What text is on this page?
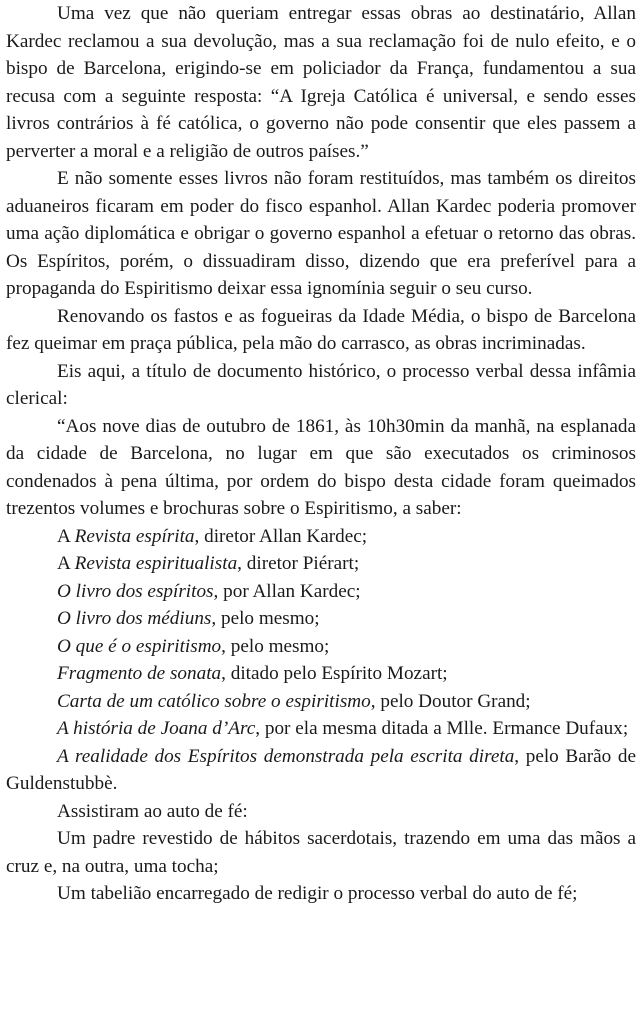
Uma vez que não queriam entregar essas obras ao destinatário, Allan Kardec reclamou a sua devolução, mas a sua reclamação foi de nulo efeito, e o bispo de Barcelona, erigindo-se em policiador da França, fundamentou a sua recusa com a seguinte resposta: “A Igreja Católica é universal, e sendo esses livros contrários à fé católica, o governo não pode consentir que eles passem a perverter a moral e a religião de outros países.”

E não somente esses livros não foram restituídos, mas também os direitos aduaneiros ficaram em poder do fisco espanhol. Allan Kardec poderia promover uma ação diplomática e obrigar o governo espanhol a efetuar o retorno das obras. Os Espíritos, porém, o dissuadiram disso, dizendo que era preferível para a propaganda do Espiritismo deixar essa ignomínia seguir o seu curso.

Renovando os fastos e as fogueiras da Idade Média, o bispo de Barcelona fez queimar em praça pública, pela mão do carrasco, as obras incriminadas.

Eis aqui, a título de documento histórico, o processo verbal dessa infâmia clerical:

“Aos nove dias de outubro de 1861, às 10h30min da manhã, na esplanada da cidade de Barcelona, no lugar em que são executados os criminosos condenados à pena última, por ordem do bispo desta cidade foram queimados trezentos volumes e brochuras sobre o Espiritismo, a saber:

A Revista espírita, diretor Allan Kardec;

A Revista espiritualista, diretor Piérart;

O livro dos espíritos, por Allan Kardec;

O livro dos médiuns, pelo mesmo;

O que é o espiritismo, pelo mesmo;

Fragmento de sonata, ditado pelo Espírito Mozart;

Carta de um católico sobre o espiritismo, pelo Doutor Grand;

A história de Joana d’Arc, por ela mesma ditada a Mlle. Ermance Dufaux;

A realidade dos Espíritos demonstrada pela escrita direta, pelo Barão de Guldenstubbè.

Assistiram ao auto de fé:

Um padre revestido de hábitos sacerdotais, trazendo em uma das mãos a cruz e, na outra, uma tocha;

Um tabelião encarregado de redigir o processo verbal do auto de fé;
